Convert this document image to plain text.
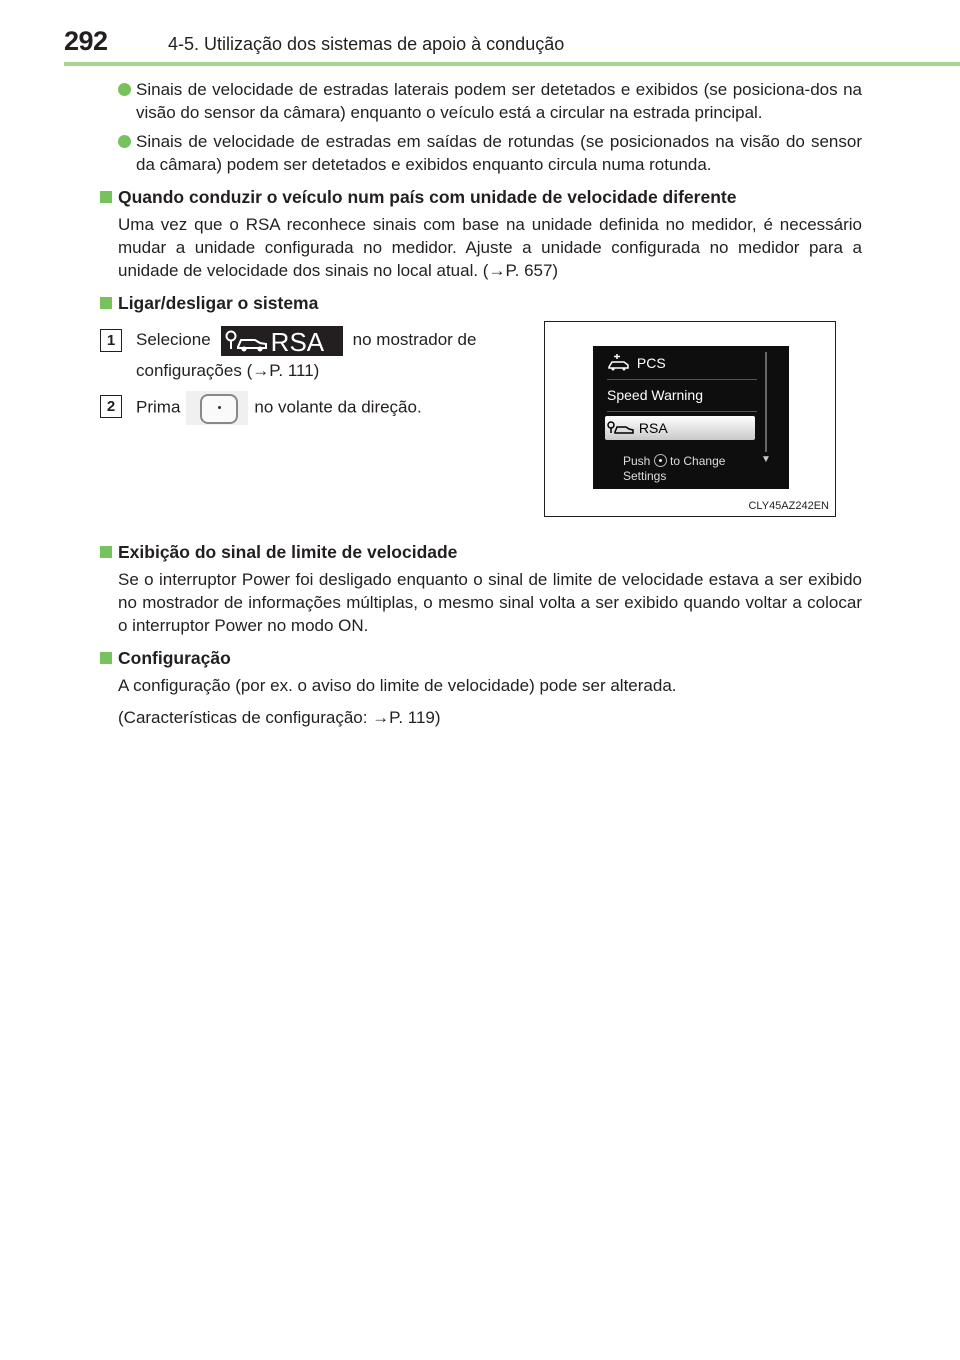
292	4-5. Utilização dos sistemas de apoio à condução
Sinais de velocidade de estradas laterais podem ser detetados e exibidos (se posiciona-dos na visão do sensor da câmara) enquanto o veículo está a circular na estrada principal.
Sinais de velocidade de estradas em saídas de rotundas (se posicionados na visão do sensor da câmara) podem ser detetados e exibidos enquanto circula numa rotunda.
Quando conduzir o veículo num país com unidade de velocidade diferente
Uma vez que o RSA reconhece sinais com base na unidade definida no medidor, é necessário mudar a unidade configurada no medidor. Ajuste a unidade configurada no medidor para a unidade de velocidade dos sinais no local atual. (→P. 657)
Ligar/desligar o sistema
1	Selecione RSA no mostrador de configurações (→P. 111)
2	Prima	no volante da direção.
PCS
Speed Warning
RSA
▼
Push to Change
Settings
CLY45AZ242EN
Exibição do sinal de limite de velocidade
Se o interruptor Power foi desligado enquanto o sinal de limite de velocidade estava a ser exibido no mostrador de informações múltiplas, o mesmo sinal volta a ser exibido quando voltar a colocar o interruptor Power no modo ON.
Configuração
A configuração (por ex. o aviso do limite de velocidade) pode ser alterada.
(Características de configuração: →P. 119)
